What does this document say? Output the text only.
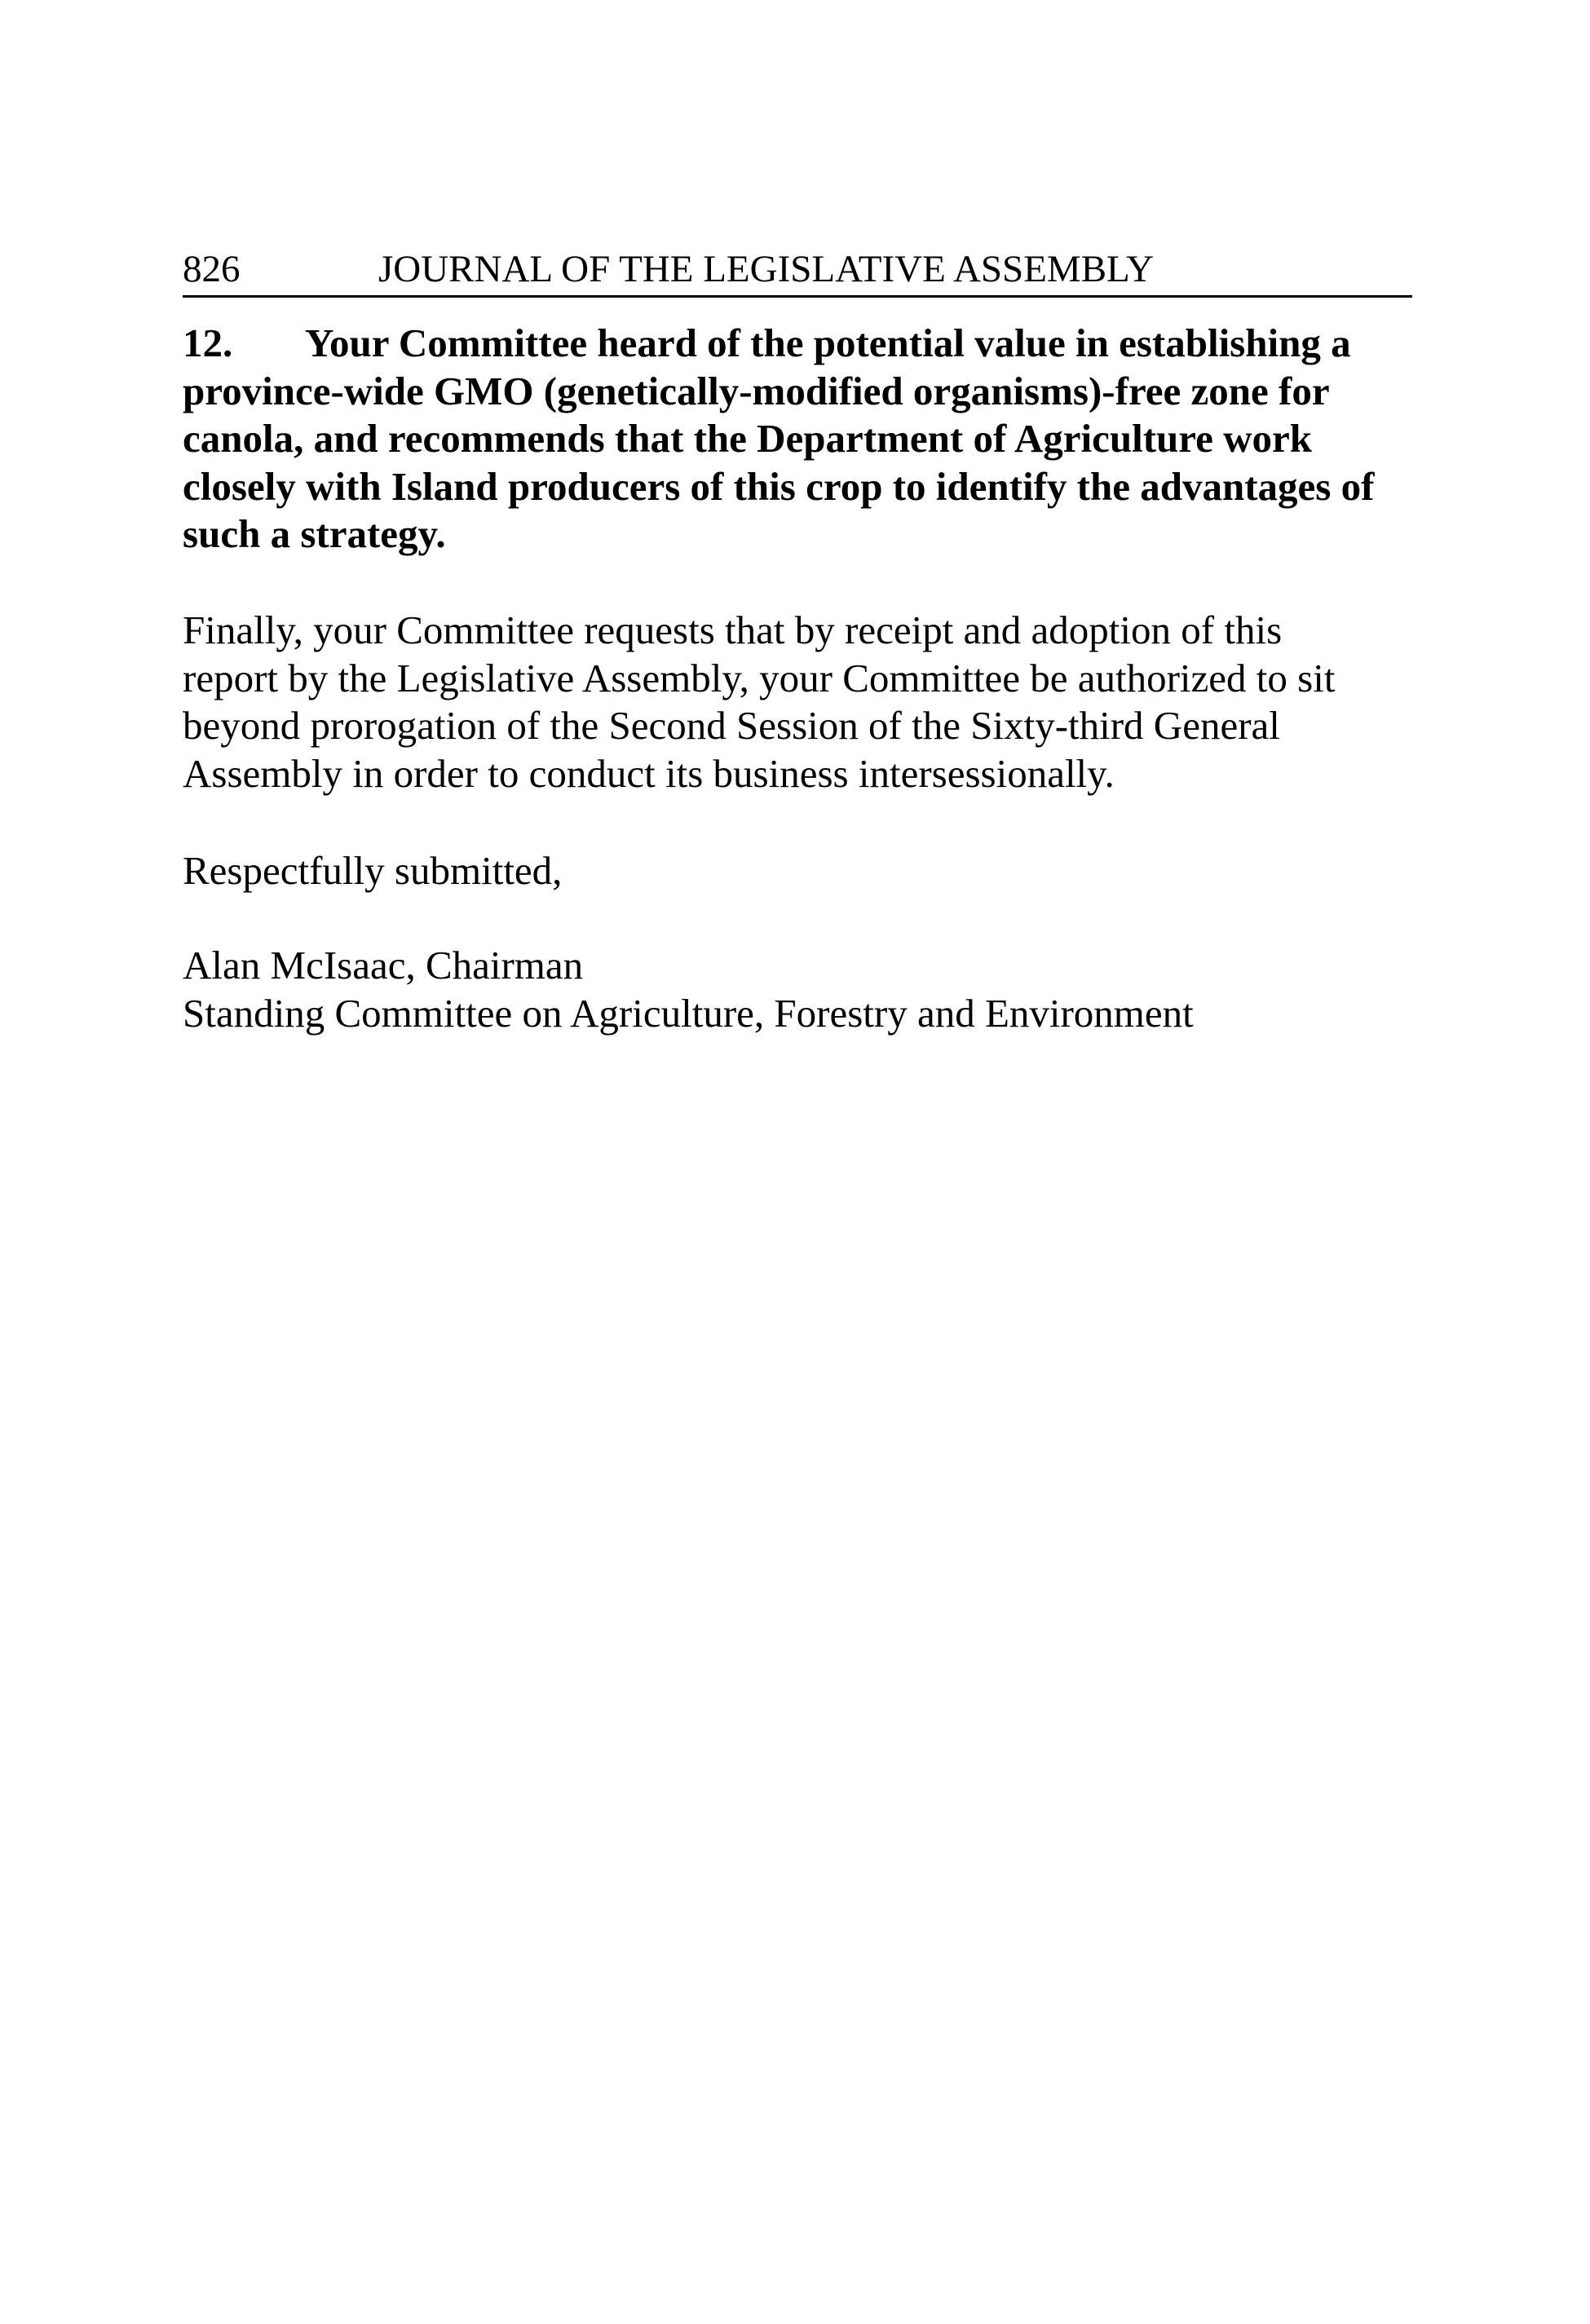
826	JOURNAL OF THE LEGISLATIVE ASSEMBLY

12. Your Committee heard of the potential value in establishing a
province-wide GMO (genetically-modified organisms)-free zone for
canola, and recommends that the Department of Agriculture work
closely with Island producers of this crop to identify the advantages of
such a strategy.

Finally, your Committee requests that by receipt and adoption of this
report by the Legislative Assembly, your Committee be authorized to sit
beyond prorogation of the Second Session of the Sixty-third General
Assembly in order to conduct its business intersessionally.

Respectfully submitted,

Alan McIsaac, Chairman
Standing Committee on Agriculture, Forestry and Environment
